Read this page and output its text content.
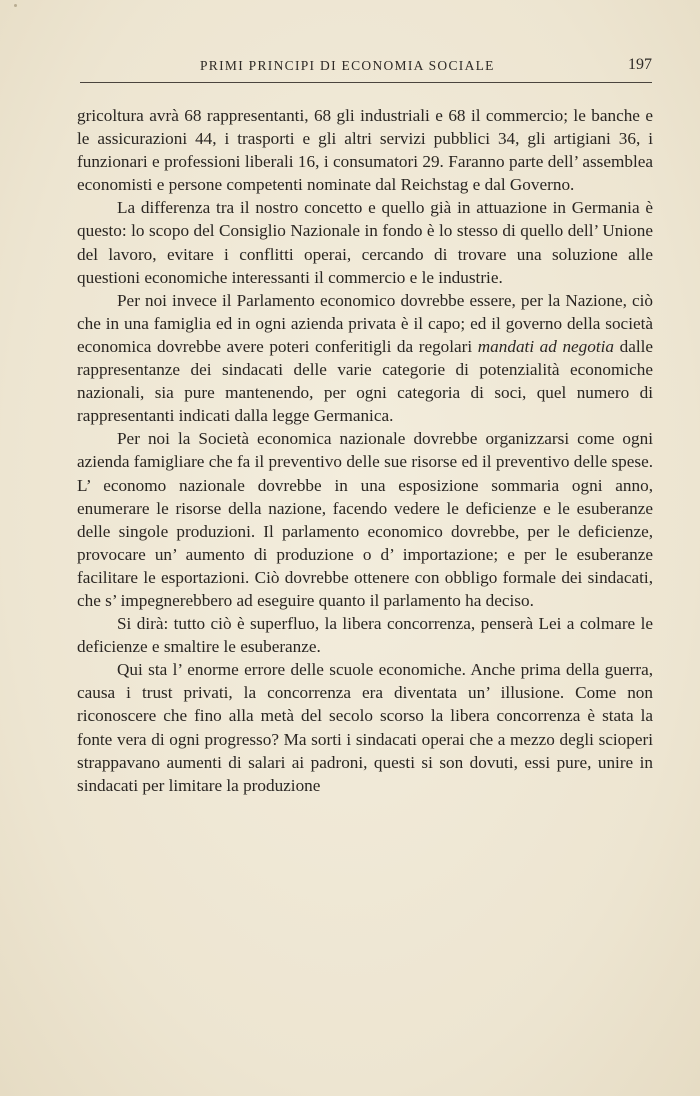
PRIMI PRINCIPI DI ECONOMIA SOCIALE	197

gricoltura avrà 68 rappresentanti, 68 gli industriali e 68 il commercio; le banche e le assicurazioni 44, i trasporti e gli altri servizi pubblici 34, gli artigiani 36, i funzionari e professioni liberali 16, i consumatori 29. Faranno parte dell’ assemblea economisti e persone competenti nominate dal Reichstag e dal Governo.

La differenza tra il nostro concetto e quello già in attuazione in Germania è questo: lo scopo del Consiglio Nazionale in fondo è lo stesso di quello dell’ Unione del lavoro, evitare i conflitti operai, cercando di trovare una soluzione alle questioni economiche interessanti il commercio e le industrie.

Per noi invece il Parlamento economico dovrebbe essere, per la Nazione, ciò che in una famiglia ed in ogni azienda privata è il capo; ed il governo della società economica dovrebbe avere poteri conferitigli da regolari mandati ad negotia dalle rappresentanze dei sindacati delle varie categorie di potenzialità economiche nazionali, sia pure mantenendo, per ogni categoria di soci, quel numero di rappresentanti indicati dalla legge Germanica.

Per noi la Società economica nazionale dovrebbe organizzarsi come ogni azienda famigliare che fa il preventivo delle sue risorse ed il preventivo delle spese. L’ economo nazionale dovrebbe in una esposizione sommaria ogni anno, enumerare le risorse della nazione, facendo vedere le deficienze e le esuberanze delle singole produzioni. Il parlamento economico dovrebbe, per le deficienze, provocare un’ aumento di produzione o d’ importazione; e per le esuberanze facilitare le esportazioni. Ciò dovrebbe ottenere con obbligo formale dei sindacati, che s’ impegnerebbero ad eseguire quanto il parlamento ha deciso.

Si dirà: tutto ciò è superfluo, la libera concorrenza, penserà Lei a colmare le deficienze e smaltire le esuberanze.

Qui sta l’ enorme errore delle scuole economiche. Anche prima della guerra, causa i trust privati, la concorrenza era diventata un’ illusione. Come non riconoscere che fino alla metà del secolo scorso la libera concorrenza è stata la fonte vera di ogni progresso? Ma sorti i sindacati operai che a mezzo degli scioperi strappavano aumenti di salari ai padroni, questi si son dovuti, essi pure, unire in sindacati per limitare la produzione
